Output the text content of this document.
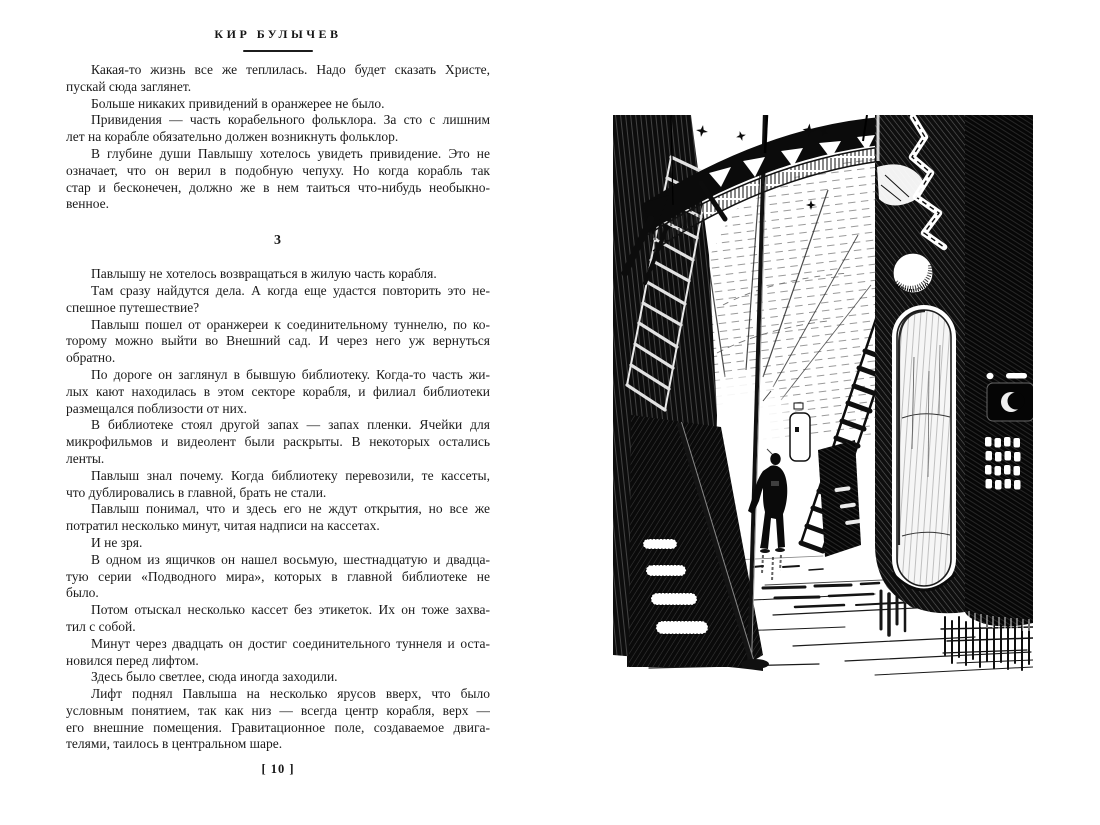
КИР БУЛЫЧЕВ

Какая-то жизнь все же теплилась. Надо будет сказать Христе,
пускай сюда заглянет.

Больше никаких привидений в оранжерее не было.

Привидения — часть корабельного фольклора. За сто с лишним
лет на корабле обязательно должен возникнуть фольклор.

В глубине души Павлышу хотелось увидеть привидение. Это не
означает, что он верил в подобную чепуху. Но когда корабль так
стар и бесконечен, должно же в нем таиться что-нибудь необыкно-
венное.

3

Павлышу не хотелось возвращаться в жилую часть корабля.

Там сразу найдутся дела. А когда еще удастся повторить это не-
спешное путешествие?

Павлыш пошел от оранжереи к соединительному туннелю, по ко-
торому можно выйти во Внешний сад. И через него уж вернуться
обратно.

По дороге он заглянул в бывшую библиотеку. Когда-то часть жи-
лых кают находилась в этом секторе корабля, и филиал библиотеки
размещался поблизости от них.

В библиотеке стоял другой запах — запах пленки. Ячейки для
микрофильмов и видеолент были раскрыты. В некоторых остались
ленты.

Павлыш знал почему. Когда библиотеку перевозили, те кассеты,
что дублировались в главной, брать не стали.

Павлыш понимал, что и здесь его не ждут открытия, но все же
потратил несколько минут, читая надписи на кассетах.

И не зря.

В одном из ящичков он нашел восьмую, шестнадцатую и двадца-
тую серии «Подводного мира», которых в главной библиотеке не
было.

Потом отыскал несколько кассет без этикеток. Их он тоже захва-
тил с собой.

Минут через двадцать он достиг соединительного туннеля и оста-
новился перед лифтом.

Здесь было светлее, сюда иногда заходили.

Лифт поднял Павлыша на несколько ярусов вверх, что было
условным понятием, так как низ — всегда центр корабля, верх —
его внешние помещения. Гравитационное поле, создаваемое двига-
телями, таилось в центральном шаре.

[ 10 ]
